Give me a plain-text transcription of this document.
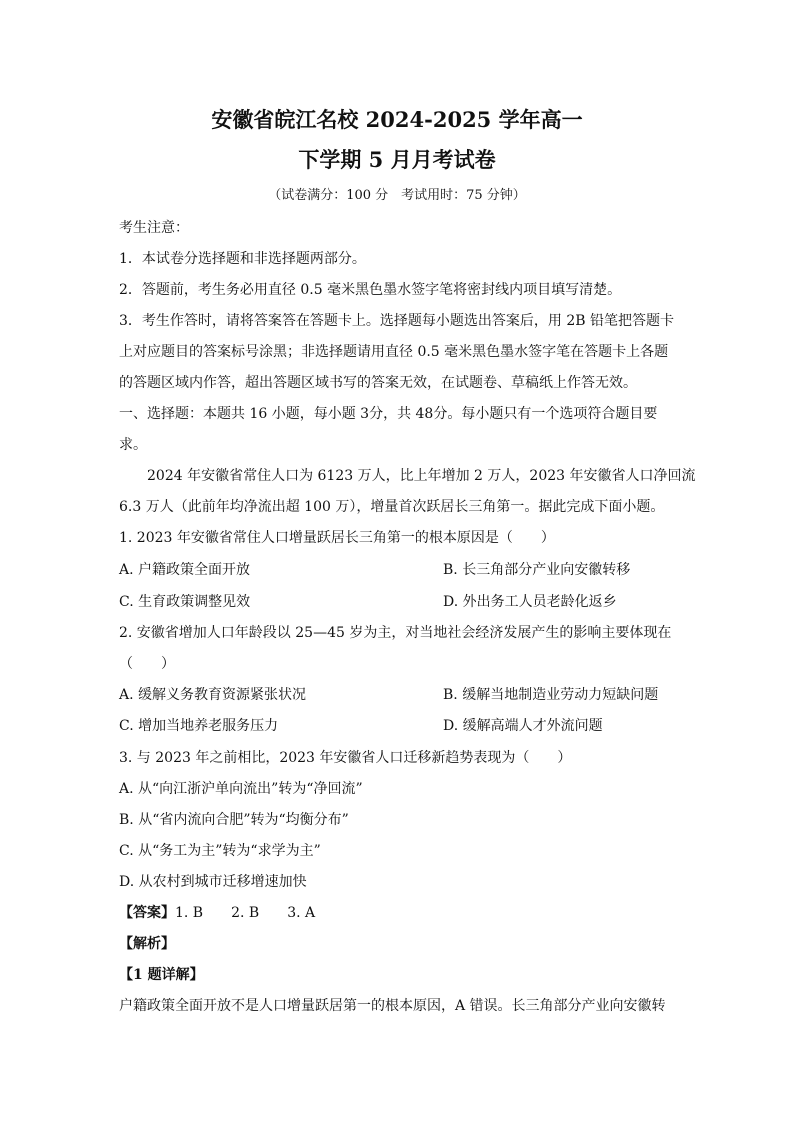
安徽省皖江名校 2024-2025 学年高一
下学期 5 月月考试卷
（试卷满分：100 分　考试用时：75 分钟）
考生注意：
1．本试卷分选择题和非选择题两部分。
2．答题前，考生务必用直径 0.5 毫米黑色墨水签字笔将密封线内项目填写清楚。
3．考生作答时，请将答案答在答题卡上。选择题每小题选出答案后，用 2B 铅笔把答题卡
上对应题目的答案标号涂黑；非选择题请用直径 0.5 毫米黑色墨水签字笔在答题卡上各题
的答题区域内作答，超出答题区域书写的答案无效，在试题卷、草稿纸上作答无效。
一、选择题：本题共 16 小题，每小题 3分，共 48分。每小题只有一个选项符合题目要
求。
2024 年安徽省常住人口为 6123 万人，比上年增加 2 万人，2023 年安徽省人口净回流
6.3 万人（此前年均净流出超 100 万），增量首次跃居长三角第一。据此完成下面小题。
1. 2023 年安徽省常住人口增量跃居长三角第一的根本原因是（　　）
A. 户籍政策全面开放	B. 长三角部分产业向安徽转移
C. 生育政策调整见效	D. 外出务工人员老龄化返乡
2. 安徽省增加人口年龄段以 25—45 岁为主，对当地社会经济发展产生的影响主要体现在
（　　）
A. 缓解义务教育资源紧张状况	B. 缓解当地制造业劳动力短缺问题
C. 增加当地养老服务压力	D. 缓解高端人才外流问题
3. 与 2023 年之前相比，2023 年安徽省人口迁移新趋势表现为（　　）
A. 从“向江浙沪单向流出”转为“净回流”
B. 从“省内流向合肥”转为“均衡分布”
C. 从“务工为主”转为“求学为主”
D. 从农村到城市迁移增速加快
【答案】1. B　　2. B　　3. A
【解析】
【1 题详解】
户籍政策全面开放不是人口增量跃居第一的根本原因，A 错误。长三角部分产业向安徽转
